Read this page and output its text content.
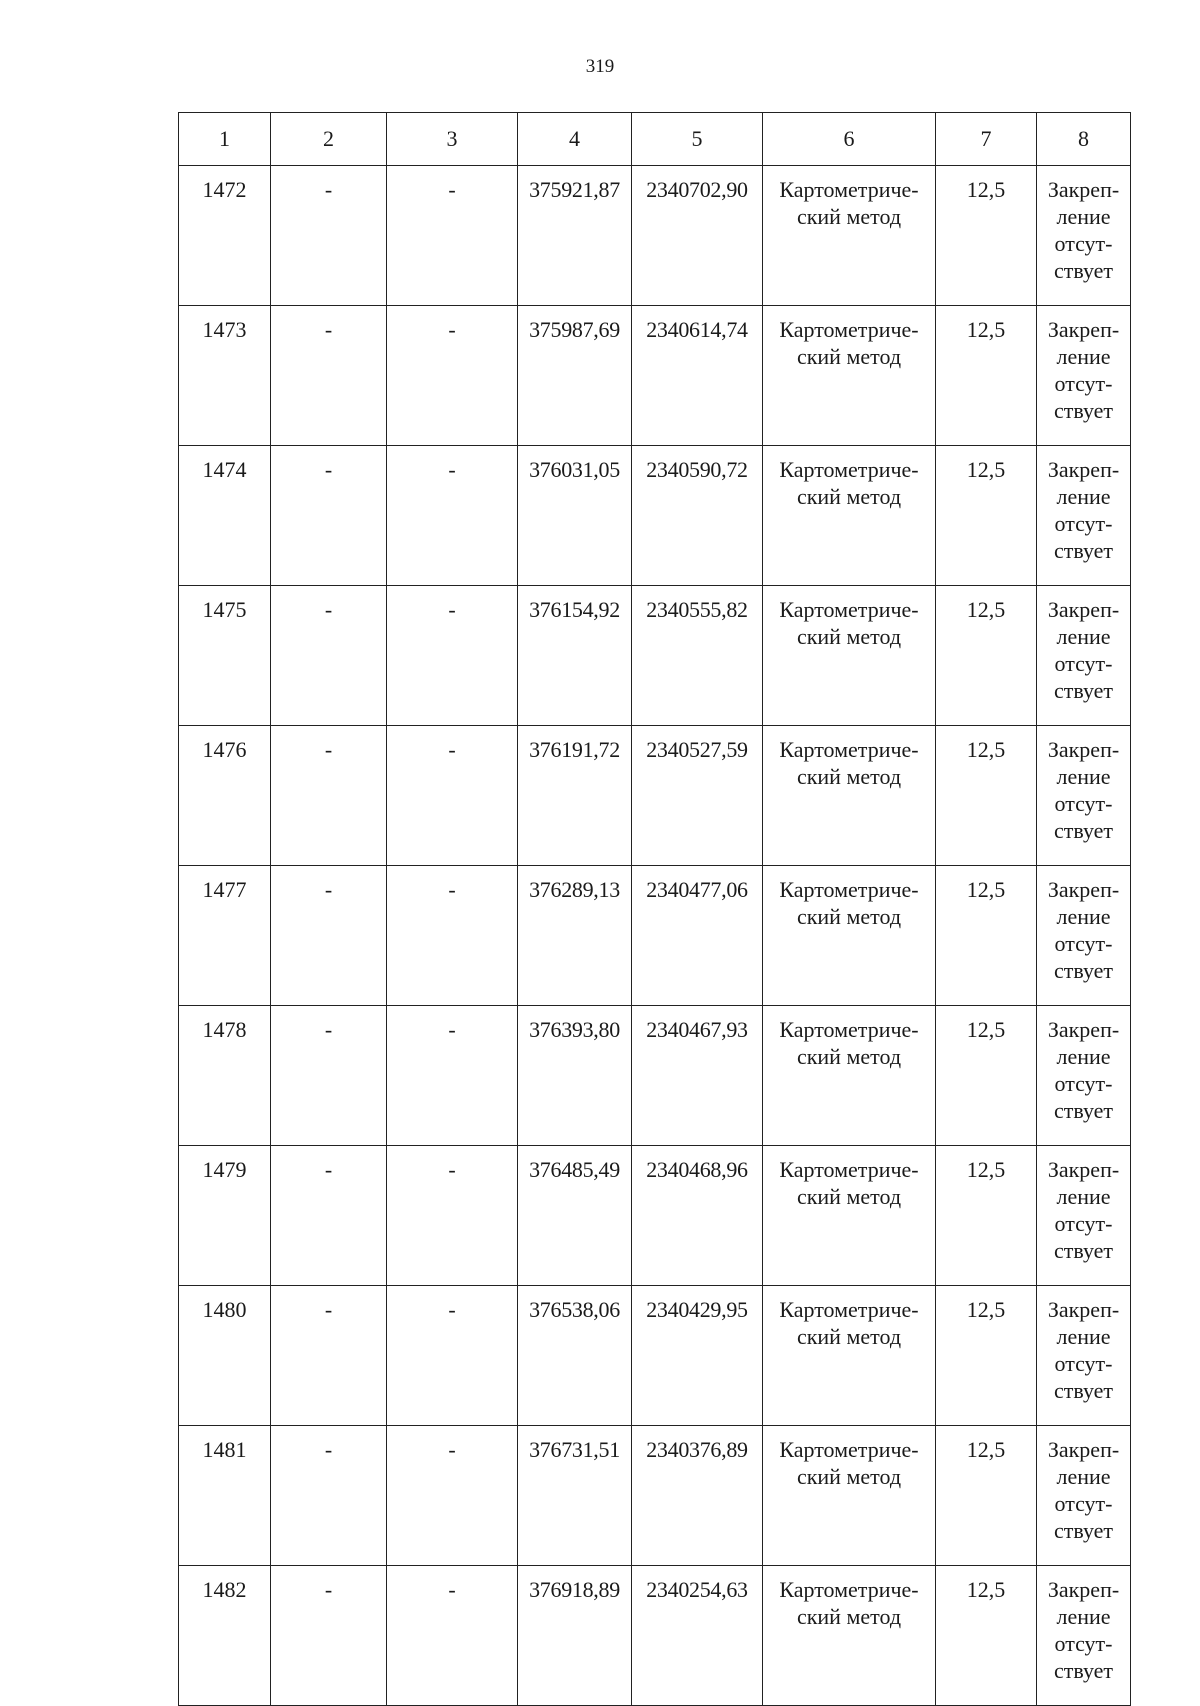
319
1	2	3	4	5	6	7	8
1472	-	-	375921,87	2340702,90	Картометриче-
ский метод	12,5	Закреп-
ление
отсут-
ствует

1473	-	-	375987,69	2340614,74	Картометриче-
ский метод	12,5	Закреп-
ление
отсут-
ствует

1474	-	-	376031,05	2340590,72	Картометриче-
ский метод	12,5	Закреп-
ление
отсут-
ствует

1475	-	-	376154,92	2340555,82	Картометриче-
ский метод	12,5	Закреп-
ление
отсут-
ствует

1476	-	-	376191,72	2340527,59	Картометриче-
ский метод	12,5	Закреп-
ление
отсут-
ствует

1477	-	-	376289,13	2340477,06	Картометриче-
ский метод	12,5	Закреп-
ление
отсут-
ствует

1478	-	-	376393,80	2340467,93	Картометриче-
ский метод	12,5	Закреп-
ление
отсут-
ствует

1479	-	-	376485,49	2340468,96	Картометриче-
ский метод	12,5	Закреп-
ление
отсут-
ствует

1480	-	-	376538,06	2340429,95	Картометриче-
ский метод	12,5	Закреп-
ление
отсут-
ствует

1481	-	-	376731,51	2340376,89	Картометриче-
ский метод	12,5	Закреп-
ление
отсут-
ствует

1482	-	-	376918,89	2340254,63	Картометриче-
ский метод	12,5	Закреп-
ление
отсут-
ствует
